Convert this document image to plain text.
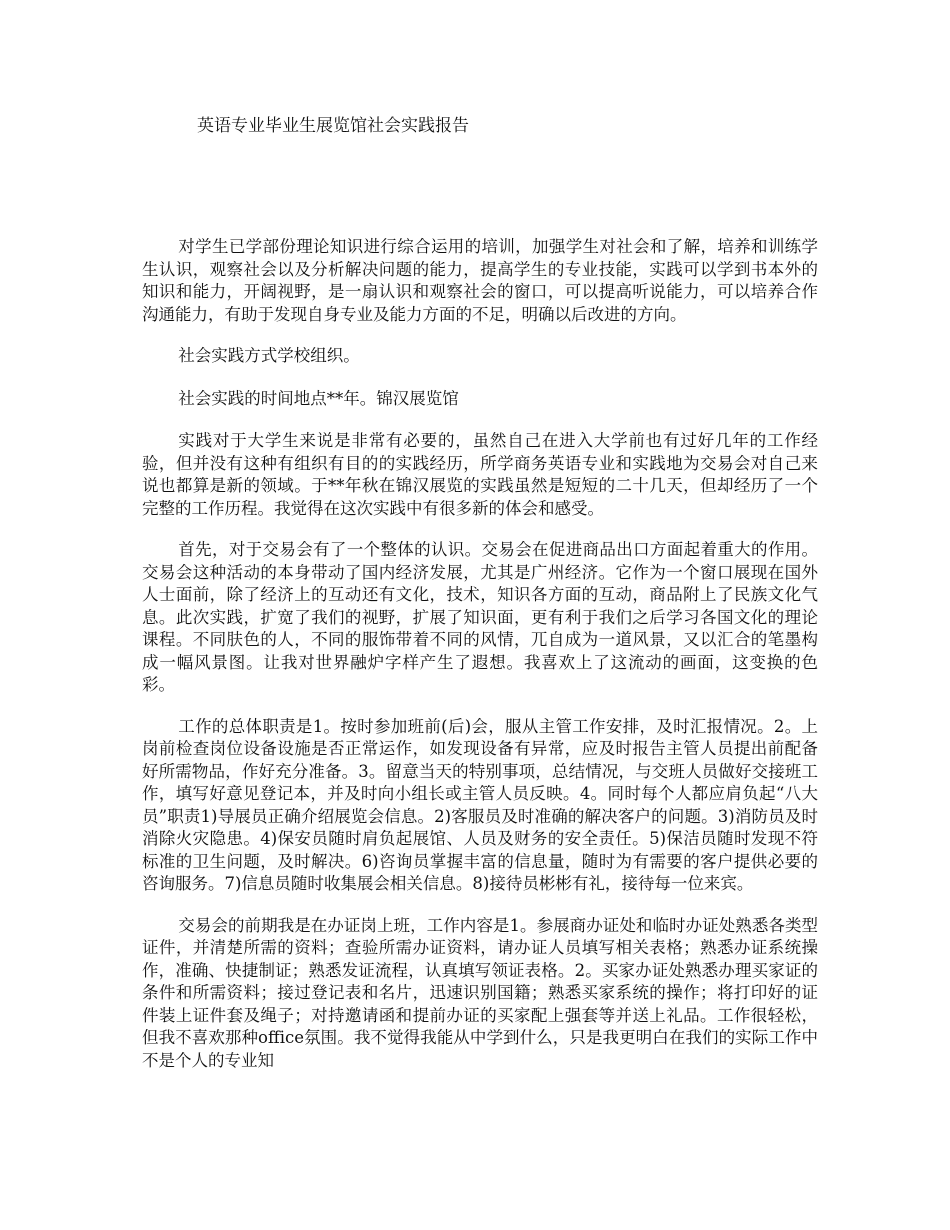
英语专业毕业生展览馆社会实践报告

对学生已学部份理论知识进行综合运用的培训，加强学生对社会和了解，培养和训练学生认识，观察社会以及分析解决问题的能力，提高学生的专业技能，实践可以学到书本外的知识和能力，开阔视野，是一扇认识和观察社会的窗口，可以提高听说能力，可以培养合作沟通能力，有助于发现自身专业及能力方面的不足，明确以后改进的方向。

社会实践方式学校组织。

社会实践的时间地点**年。锦汉展览馆

实践对于大学生来说是非常有必要的，虽然自己在进入大学前也有过好几年的工作经验，但并没有这种有组织有目的的实践经历，所学商务英语专业和实践地为交易会对自己来说也都算是新的领域。于**年秋在锦汉展览的实践虽然是短短的二十几天，但却经历了一个完整的工作历程。我觉得在这次实践中有很多新的体会和感受。

首先，对于交易会有了一个整体的认识。交易会在促进商品出口方面起着重大的作用。交易会这种活动的本身带动了国内经济发展，尤其是广州经济。它作为一个窗口展现在国外人士面前，除了经济上的互动还有文化，技术，知识各方面的互动，商品附上了民族文化气息。此次实践，扩宽了我们的视野，扩展了知识面，更有利于我们之后学习各国文化的理论课程。不同肤色的人，不同的服饰带着不同的风情，兀自成为一道风景，又以汇合的笔墨构成一幅风景图。让我对世界融炉字样产生了遐想。我喜欢上了这流动的画面，这变换的色彩。

工作的总体职责是1。按时参加班前(后)会，服从主管工作安排，及时汇报情况。2。上岗前检查岗位设备设施是否正常运作，如发现设备有异常，应及时报告主管人员提出前配备好所需物品，作好充分准备。3。留意当天的特别事项，总结情况，与交班人员做好交接班工作，填写好意见登记本，并及时向小组长或主管人员反映。4。同时每个人都应肩负起“八大员”职责1)导展员正确介绍展览会信息。2)客服员及时准确的解决客户的问题。3)消防员及时消除火灾隐患。4)保安员随时肩负起展馆、人员及财务的安全责任。5)保洁员随时发现不符标准的卫生问题，及时解决。6)咨询员掌握丰富的信息量，随时为有需要的客户提供必要的咨询服务。7)信息员随时收集展会相关信息。8)接待员彬彬有礼，接待每一位来宾。

交易会的前期我是在办证岗上班，工作内容是1。参展商办证处和临时办证处熟悉各类型证件，并清楚所需的资料；查验所需办证资料，请办证人员填写相关表格；熟悉办证系统操作，准确、快捷制证；熟悉发证流程，认真填写领证表格。2。买家办证处熟悉办理买家证的条件和所需资料；接过登记表和名片，迅速识别国籍；熟悉买家系统的操作；将打印好的证件装上证件套及绳子；对持邀请函和提前办证的买家配上强套等并送上礼品。工作很轻松，但我不喜欢那种office氛围。我不觉得我能从中学到什么，只是我更明白在我们的实际工作中不是个人的专业知
